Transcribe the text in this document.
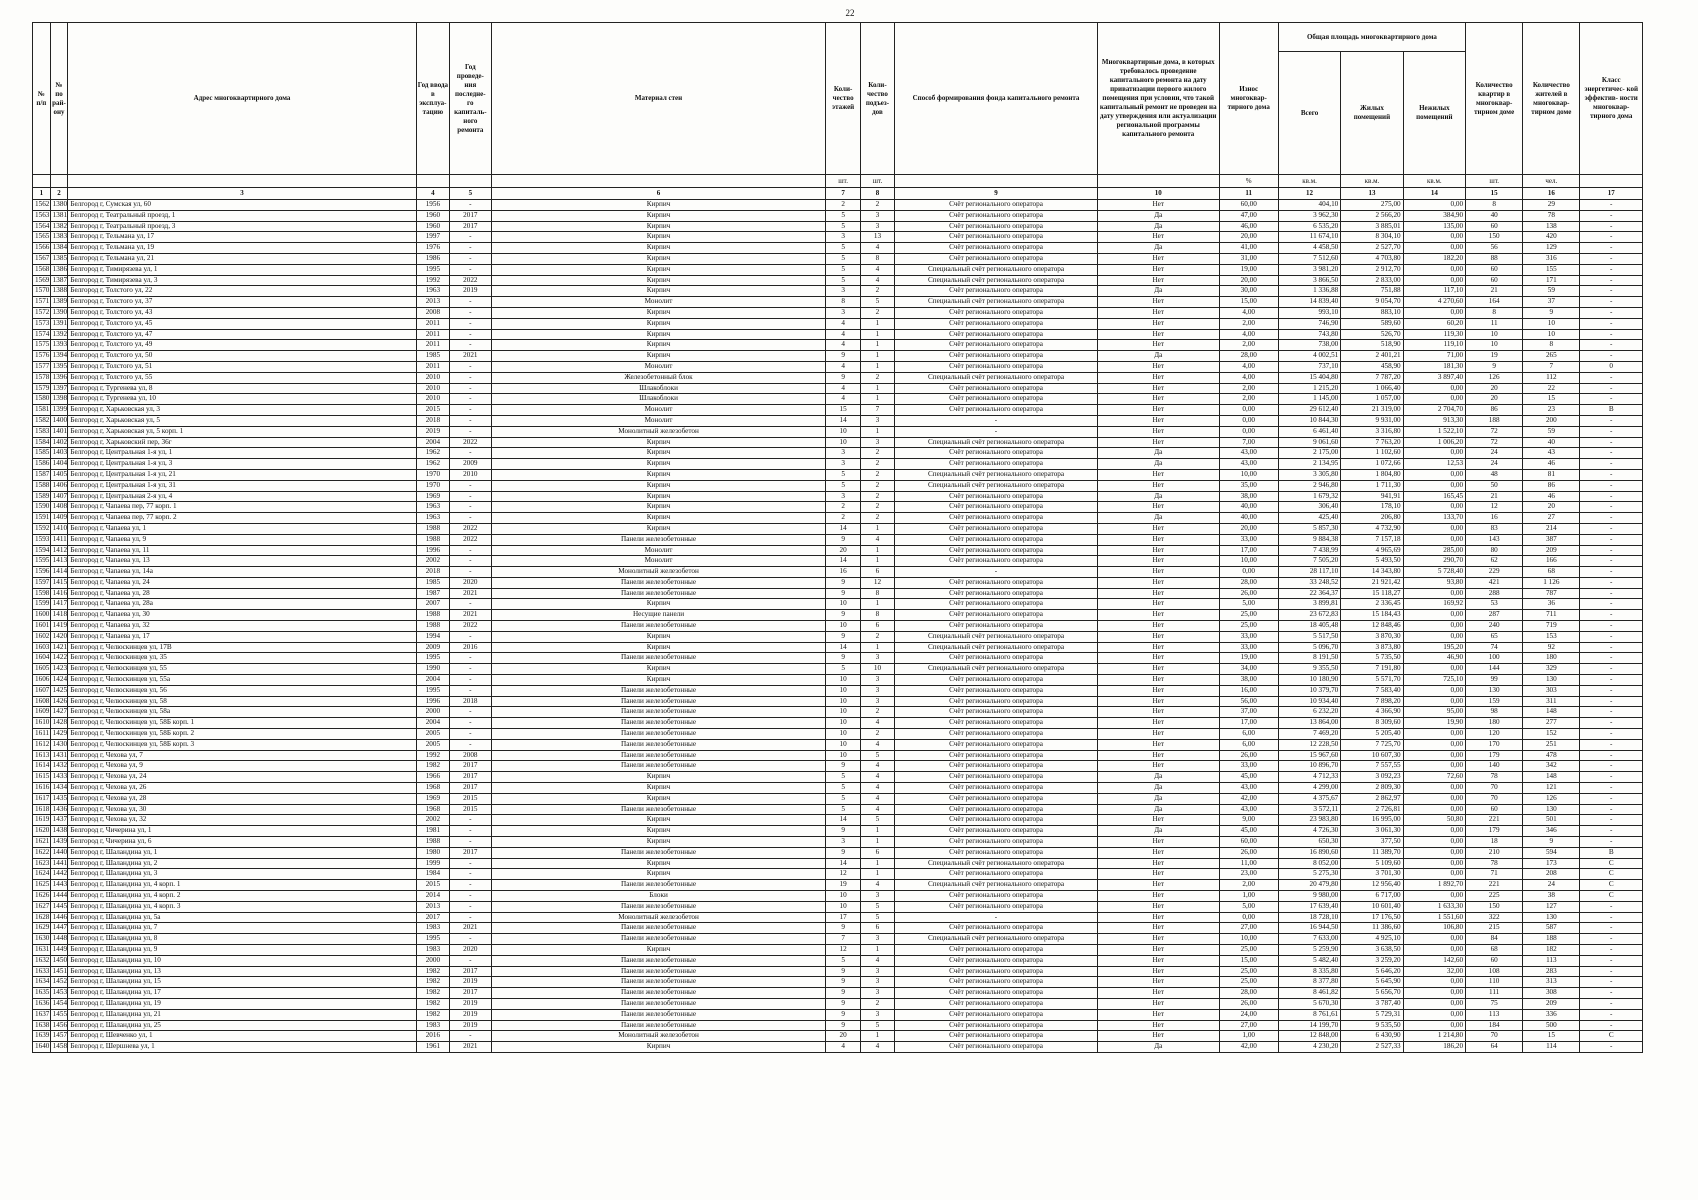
22
№ п/п	№ по рай- ону	Адрес многоквартирного дома	Год ввода в эксплуа- тацию	Год проведе- ния последне- го капиталь- ного ремонта	Материал стен	Коли- чество этажей	Коли- чество подъез- дов	Способ формирования фонда капитального ремонта	Многоквартирные дома, в которых требовалось проведение капитального ремонта на дату приватизации первого жилого помещения при условии, что такой капитальный ремонт не проведен на дату утверждения или актуализации региональной программы капитального ремонта	Износ многоквар- тирного дома	Общая площадь многоквартирного дома			Количество квартир в многоквар- тирном доме	Количество жителей в многоквар- тирном доме	Класс энергетичес- кой эффектив- ности многоквар- тирного дома
											Всего	Жилых помещений	Нежилых помещений			
						шт.	шт.			%	кв.м.	кв.м.	кв.м.	шт.	чел.	
1	2	3	4	5	6	7	8	9	10	11	12	13	14	15	16	17
1562	1380	Белгород г, Сумская ул, 60	1956	-	Кирпич	2	2	Счёт регионального оператора	Нет	60,00	404,10	275,00	0,00	8	29	-
1563	1381	Белгород г, Театральный проезд, 1	1960	2017	Кирпич	5	3	Счёт регионального оператора	Да	47,00	3 962,30	2 566,20	384,90	40	78	-
1564	1382	Белгород г, Театральный проезд, 3	1960	2017	Кирпич	5	3	Счёт регионального оператора	Да	46,00	6 535,20	3 885,01	135,00	60	138	-
1565	1383	Белгород г, Тельмана ул, 17	1997	-	Кирпич	3	13	Счёт регионального оператора	Нет	20,00	11 674,10	8 304,10	0,00	150	420	-
1566	1384	Белгород г, Тельмана ул, 19	1976	-	Кирпич	5	4	Счёт регионального оператора	Да	41,00	4 458,50	2 527,70	0,00	56	129	-
1567	1385	Белгород г, Тельмана ул, 21	1986	-	Кирпич	5	8	Счёт регионального оператора	Нет	31,00	7 512,60	4 703,80	182,20	88	316	-
1568	1386	Белгород г, Тимирязева ул, 1	1995	-	Кирпич	5	4	Специальный счёт регионального оператора	Нет	19,00	3 981,20	2 912,70	0,00	60	155	-
1569	1387	Белгород г, Тимирязева ул, 3	1992	2022	Кирпич	5	4	Специальный счёт регионального оператора	Нет	20,00	3 866,50	2 833,00	0,00	60	171	-
1570	1388	Белгород г, Толстого ул, 22	1963	2019	Кирпич	3	2	Счёт регионального оператора	Да	30,00	1 336,88	751,88	117,10	21	59	-
1571	1389	Белгород г, Толстого ул, 37	2013	-	Монолит	8	5	Специальный счёт регионального оператора	Нет	15,00	14 839,40	9 054,70	4 270,60	164	37	-
1572	1390	Белгород г, Толстого ул, 43	2008	-	Кирпич	3	2	Счёт регионального оператора	Нет	4,00	993,10	883,10	0,00	8	9	-
1573	1391	Белгород г, Толстого ул, 45	2011	-	Кирпич	4	1	Счёт регионального оператора	Нет	2,00	746,90	589,60	60,20	11	10	-
1574	1392	Белгород г, Толстого ул, 47	2011	-	Кирпич	4	1	Счёт регионального оператора	Нет	4,00	743,80	526,70	119,30	10	10	-
1575	1393	Белгород г, Толстого ул, 49	2011	-	Кирпич	4	1	Счёт регионального оператора	Нет	2,00	738,00	518,90	119,10	10	8	-
1576	1394	Белгород г, Толстого ул, 50	1985	2021	Кирпич	9	1	Счёт регионального оператора	Да	28,00	4 002,51	2 401,21	71,00	19	265	-
1577	1395	Белгород г, Толстого ул, 51	2011	-	Монолит	4	1	Счёт регионального оператора	Нет	4,00	737,10	458,90	181,30	9	7	0
1578	1396	Белгород г, Толстого ул, 55	2010	-	Железобетонный блок	9	2	Специальный счёт регионального оператора	Нет	4,00	15 404,80	7 787,20	3 897,40	126	112	-
1579	1397	Белгород г, Тургенева ул, 8	2010	-	Шлакоблоки	4	1	Счёт регионального оператора	Нет	2,00	1 215,20	1 066,40	0,00	20	22	-
1580	1398	Белгород г, Тургенева ул, 10	2010	-	Шлакоблоки	4	1	Счёт регионального оператора	Нет	2,00	1 145,00	1 057,00	0,00	20	15	-
1581	1399	Белгород г, Харьковская ул, 3	2015	-	Монолит	15	7	Счёт регионального оператора	Нет	0,00	29 612,40	21 319,00	2 704,70	86	23	В
1582	1400	Белгород г, Харьковская ул, 5	2018	-	Монолит	14	3	-	Нет	0,00	10 844,30	9 931,00	913,30	188	200	-
1583	1401	Белгород г, Харьковская ул, 5 корп. 1	2019	-	Монолитный железобетон	10	1	-	Нет	0,00	6 461,40	3 316,80	1 522,10	72	59	-
1584	1402	Белгород г, Харьковский пер, 36г	2004	2022	Кирпич	10	3	Специальный счёт регионального оператора	Нет	7,00	9 061,60	7 763,20	1 006,20	72	40	-
1585	1403	Белгород г, Центральная 1-я ул, 1	1962	-	Кирпич	3	2	Счёт регионального оператора	Да	43,00	2 175,00	1 102,60	0,00	24	43	-
1586	1404	Белгород г, Центральная 1-я ул, 3	1962	2009	Кирпич	3	2	Счёт регионального оператора	Да	43,00	2 134,95	1 072,66	12,53	24	46	-
1587	1405	Белгород г, Центральная 1-я ул, 21	1970	2010	Кирпич	5	2	Специальный счёт регионального оператора	Нет	10,00	3 305,80	1 804,80	0,00	48	81	-
1588	1406	Белгород г, Центральная 1-я ул, 31	1970	-	Кирпич	5	2	Специальный счёт регионального оператора	Нет	35,00	2 946,80	1 711,30	0,00	50	86	-
1589	1407	Белгород г, Центральная 2-я ул, 4	1969	-	Кирпич	3	2	Счёт регионального оператора	Да	38,00	1 679,32	941,91	165,45	21	46	-
1590	1408	Белгород г, Чапаева пер, 77 корп. 1	1963	-	Кирпич	2	2	Счёт регионального оператора	Нет	40,00	306,40	178,10	0,00	12	20	-
1591	1409	Белгород г, Чапаева пер, 77 корп. 2	1963	-	Кирпич	2	2	Счёт регионального оператора	Да	40,00	425,40	206,80	133,70	16	27	-
1592	1410	Белгород г, Чапаева ул, 1	1988	2022	Кирпич	14	1	Счёт регионального оператора	Нет	20,00	5 857,30	4 732,90	0,00	83	214	-
1593	1411	Белгород г, Чапаева ул, 9	1988	2022	Панели железобетонные	9	4	Счёт регионального оператора	Нет	33,00	9 884,38	7 157,18	0,00	143	387	-
1594	1412	Белгород г, Чапаева ул, 11	1996	-	Монолит	20	1	Счёт регионального оператора	Нет	17,00	7 438,99	4 965,69	285,00	80	209	-
1595	1413	Белгород г, Чапаева ул, 13	2002	-	Монолит	14	1	Счёт регионального оператора	Нет	10,00	7 505,20	5 493,50	290,70	62	166	-
1596	1414	Белгород г, Чапаева ул, 14а	2018	-	Монолитный железобетон	16	6	-	Нет	0,00	28 117,10	14 343,80	5 728,40	229	68	-
1597	1415	Белгород г, Чапаева ул, 24	1985	2020	Панели железобетонные	9	12	Счёт регионального оператора	Нет	28,00	33 248,52	21 921,42	93,80	421	1 126	-
1598	1416	Белгород г, Чапаева ул, 28	1987	2021	Панели железобетонные	9	8	Счёт регионального оператора	Нет	26,00	22 364,37	15 118,27	0,00	288	787	-
1599	1417	Белгород г, Чапаева ул, 28а	2007	-	Кирпич	10	1	Счёт регионального оператора	Нет	5,00	3 899,81	2 336,45	169,92	53	36	-
1600	1418	Белгород г, Чапаева ул, 30	1988	2021	Несущие панели	9	8	Счёт регионального оператора	Нет	25,00	23 672,83	15 184,43	0,00	287	711	-
1601	1419	Белгород г, Чапаева ул, 32	1988	2022	Панели железобетонные	10	6	Счёт регионального оператора	Нет	25,00	18 405,48	12 848,46	0,00	240	719	-
1602	1420	Белгород г, Чапаева ул, 17	1994	-	Кирпич	9	2	Специальный счёт регионального оператора	Нет	33,00	5 517,50	3 870,30	0,00	65	153	-
1603	1421	Белгород г, Челюскинцев ул, 17В	2009	2016	Кирпич	14	1	Специальный счёт регионального оператора	Нет	33,00	5 096,70	3 873,80	195,20	74	92	-
1604	1422	Белгород г, Челюскинцев ул, 35	1995	-	Панели железобетонные	9	3	Счёт регионального оператора	Нет	19,00	8 191,50	5 735,50	46,90	100	180	-
1605	1423	Белгород г, Челюскинцев ул, 55	1990	-	Кирпич	5	10	Специальный счёт регионального оператора	Нет	34,00	9 355,50	7 191,80	0,00	144	329	-
1606	1424	Белгород г, Челюскинцев ул, 55а	2004	-	Кирпич	10	3	Счёт регионального оператора	Нет	38,00	10 180,90	5 571,70	725,10	99	130	-
1607	1425	Белгород г, Челюскинцев ул, 56	1995	-	Панели железобетонные	10	3	Счёт регионального оператора	Нет	16,00	10 379,70	7 583,40	0,00	130	303	-
1608	1426	Белгород г, Челюскинцев ул, 58	1996	2018	Панели железобетонные	10	3	Счёт регионального оператора	Нет	56,00	10 934,40	7 898,20	0,00	159	311	-
1609	1427	Белгород г, Челюскинцев ул, 58а	2000	-	Панели железобетонные	10	2	Счёт регионального оператора	Нет	37,00	6 232,20	4 366,90	95,00	98	148	-
1610	1428	Белгород г, Челюскинцев ул, 58Б корп. 1	2004	-	Панели железобетонные	10	4	Счёт регионального оператора	Нет	17,00	13 864,00	8 309,60	19,90	180	277	-
1611	1429	Белгород г, Челюскинцев ул, 58Б корп. 2	2005	-	Панели железобетонные	10	2	Счёт регионального оператора	Нет	6,00	7 469,20	5 205,40	0,00	120	152	-
1612	1430	Белгород г, Челюскинцев ул, 58Б корп. 3	2005	-	Панели железобетонные	10	4	Счёт регионального оператора	Нет	6,00	12 228,50	7 725,70	0,00	170	251	-
1613	1431	Белгород г, Чехова ул, 7	1992	2008	Панели железобетонные	10	5	Счёт регионального оператора	Нет	26,00	15 967,60	10 607,30	0,00	179	478	-
1614	1432	Белгород г, Чехова ул, 9	1982	2017	Панели железобетонные	9	4	Счёт регионального оператора	Нет	33,00	10 896,70	7 557,55	0,00	140	342	-
1615	1433	Белгород г, Чехова ул, 24	1966	2017	Кирпич	5	4	Счёт регионального оператора	Да	45,00	4 712,33	3 092,23	72,60	78	148	-
1616	1434	Белгород г, Чехова ул, 26	1968	2017	Кирпич	5	4	Счёт регионального оператора	Да	43,00	4 299,00	2 809,30	0,00	70	121	-
1617	1435	Белгород г, Чехова ул, 28	1969	2015	Кирпич	5	4	Счёт регионального оператора	Да	42,00	4 375,67	2 862,97	0,00	70	126	-
1618	1436	Белгород г, Чехова ул, 30	1968	2015	Панели железобетонные	5	4	Счёт регионального оператора	Да	43,00	3 572,11	2 726,81	0,00	60	130	-
1619	1437	Белгород г, Чехова ул, 32	2002	-	Кирпич	14	5	Счёт регионального оператора	Нет	9,00	23 983,80	16 995,00	50,80	221	501	-
1620	1438	Белгород г, Чичерина ул, 1	1981	-	Кирпич	9	1	Счёт регионального оператора	Да	45,00	4 726,30	3 061,30	0,00	179	346	-
1621	1439	Белгород г, Чичерина ул, 6	1988	-	Кирпич	3	1	Счёт регионального оператора	Нет	60,00	650,30	377,50	0,00	18	9	-
1622	1440	Белгород г, Шаландина ул, 1	1980	2017	Панели железобетонные	9	6	Счёт регионального оператора	Нет	26,00	16 890,60	11 389,70	0,00	210	594	В
1623	1441	Белгород г, Шаландина ул, 2	1999	-	Кирпич	14	1	Специальный счёт регионального оператора	Нет	11,00	8 052,00	5 109,60	0,00	78	173	С
1624	1442	Белгород г, Шаландина ул, 3	1984	-	Кирпич	12	1	Счёт регионального оператора	Нет	23,00	5 275,30	3 701,30	0,00	71	208	С
1625	1443	Белгород г, Шаландина ул, 4 корп. 1	2015	-	Панели железобетонные	19	4	Специальный счёт регионального оператора	Нет	2,00	20 479,80	12 956,40	1 892,70	221	24	С
1626	1444	Белгород г, Шаландина ул, 4 корп. 2	2014	-	Блоки	10	3	Счёт регионального оператора	Нет	1,00	9 980,00	6 717,00	0,00	225	38	С
1627	1445	Белгород г, Шаландина ул, 4 корп. 3	2013	-	Панели железобетонные	10	5	Счёт регионального оператора	Нет	5,00	17 639,40	10 601,40	1 633,30	150	127	-
1628	1446	Белгород г, Шаландина ул, 5а	2017	-	Монолитный железобетон	17	5	-	Нет	0,00	18 728,10	17 176,50	1 551,60	322	130	-
1629	1447	Белгород г, Шаландина ул, 7	1983	2021	Панели железобетонные	9	6	Счёт регионального оператора	Нет	27,00	16 944,50	11 386,60	106,80	215	587	-
1630	1448	Белгород г, Шаландина ул, 8	1995	-	Панели железобетонные	7	3	Специальный счёт регионального оператора	Нет	10,00	7 633,00	4 925,10	0,00	84	188	-
1631	1449	Белгород г, Шаландина ул, 9	1983	2020	Кирпич	12	1	Счёт регионального оператора	Нет	25,00	5 259,90	3 638,50	0,00	68	182	-
1632	1450	Белгород г, Шаландина ул, 10	2000	-	Панели железобетонные	5	4	Счёт регионального оператора	Нет	15,00	5 482,40	3 259,20	142,60	60	113	-
1633	1451	Белгород г, Шаландина ул, 13	1982	2017	Панели железобетонные	9	3	Счёт регионального оператора	Нет	25,00	8 335,80	5 646,20	32,00	108	283	-
1634	1452	Белгород г, Шаландина ул, 15	1982	2019	Панели железобетонные	9	3	Счёт регионального оператора	Нет	25,00	8 377,80	5 645,90	0,00	110	313	-
1635	1453	Белгород г, Шаландина ул, 17	1982	2017	Панели железобетонные	9	3	Счёт регионального оператора	Нет	28,00	8 461,82	5 656,70	0,00	111	308	-
1636	1454	Белгород г, Шаландина ул, 19	1982	2019	Панели железобетонные	9	2	Счёт регионального оператора	Нет	26,00	5 670,30	3 787,40	0,00	75	209	-
1637	1455	Белгород г, Шаландина ул, 21	1982	2019	Панели железобетонные	9	3	Счёт регионального оператора	Нет	24,00	8 761,61	5 729,31	0,00	113	336	-
1638	1456	Белгород г, Шаландина ул, 25	1983	2019	Панели железобетонные	9	5	Счёт регионального оператора	Нет	27,00	14 199,70	9 535,50	0,00	184	500	-
1639	1457	Белгород г, Шевченко ул, 1	2016	-	Монолитный железобетон	20	1	Счёт регионального оператора	Нет	1,00	12 848,00	6 430,90	1 214,80	70	15	С
1640	1458	Белгород г, Шершнева ул, 1	1961	2021	Кирпич	4	4	Счёт регионального оператора	Да	42,00	4 230,20	2 527,33	186,20	64	114	-
